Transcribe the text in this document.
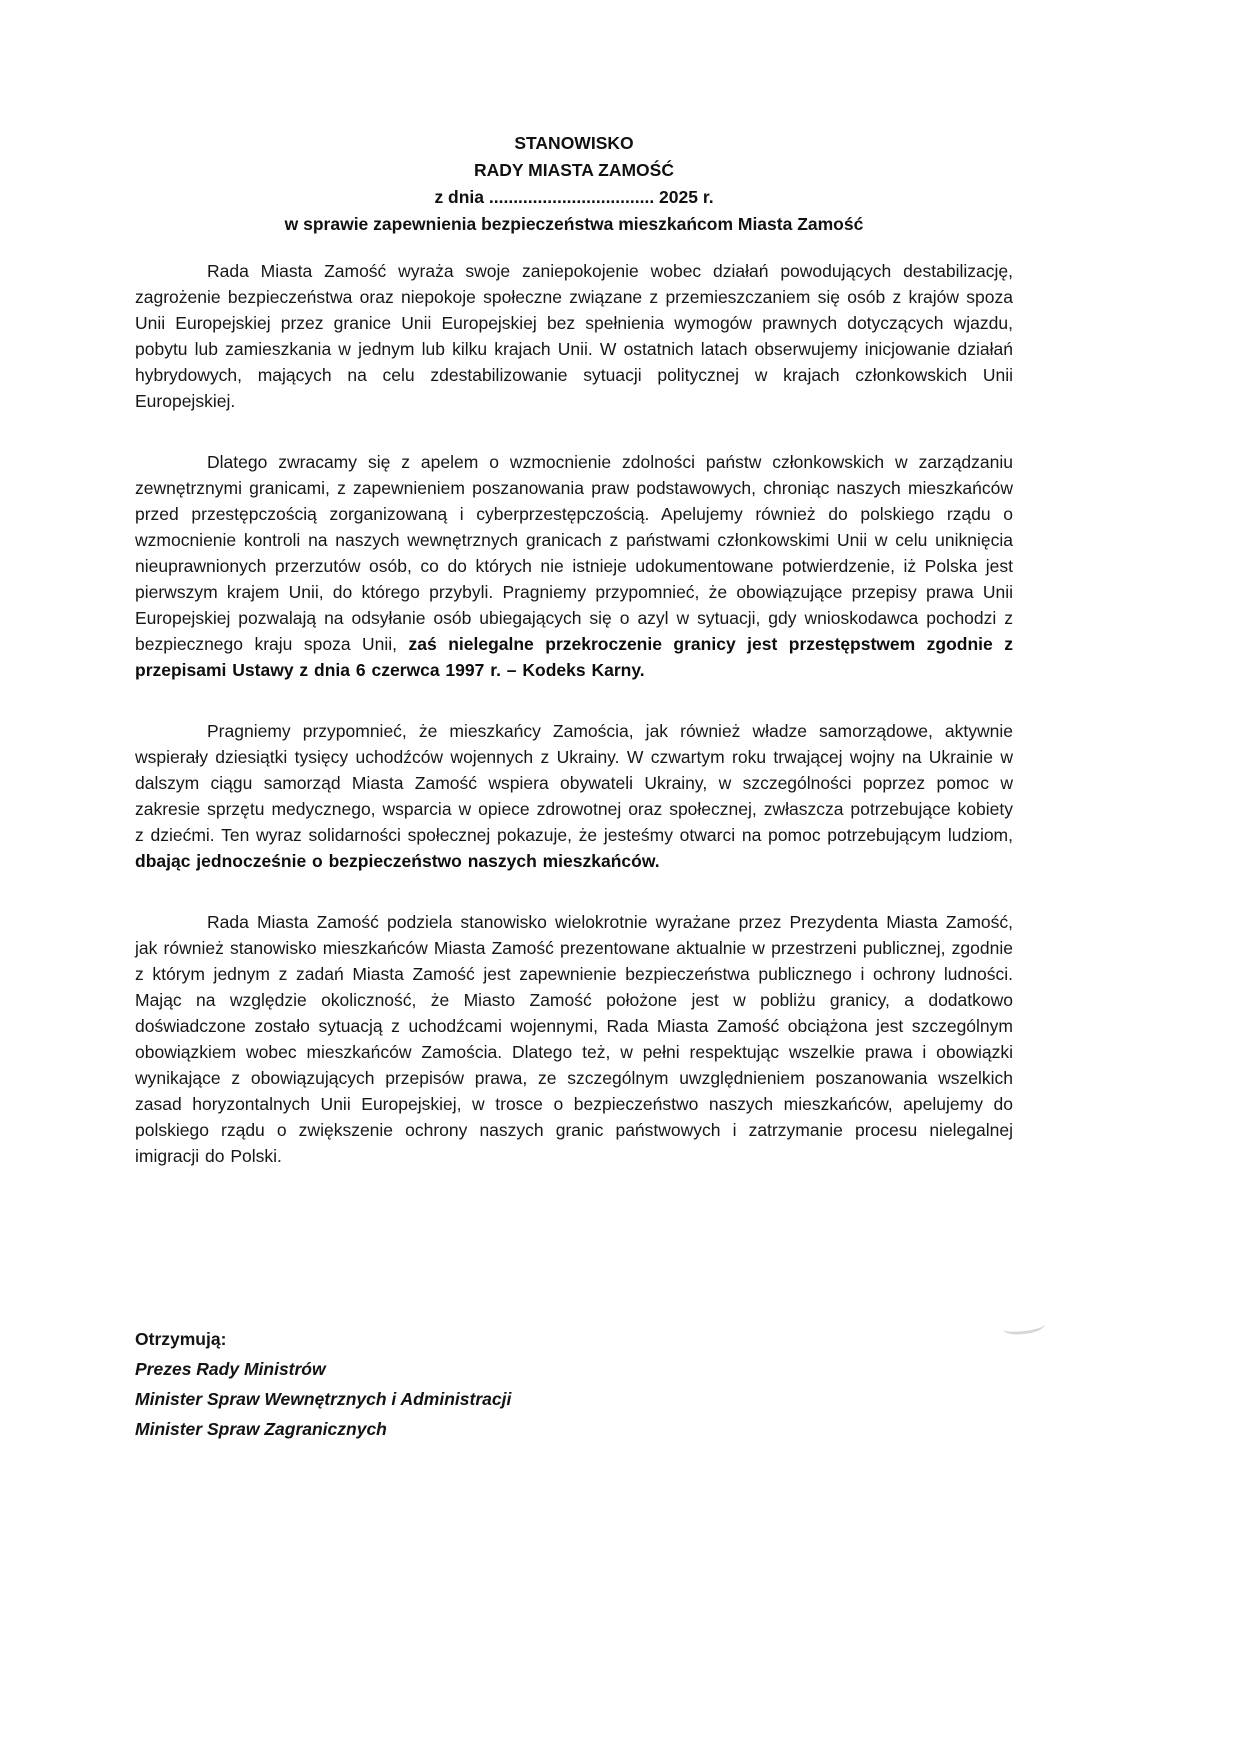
STANOWISKO
RADY MIASTA ZAMOŚĆ
z dnia .................................. 2025 r.
w sprawie zapewnienia bezpieczeństwa mieszkańcom Miasta Zamość

Rada Miasta Zamość wyraża swoje zaniepokojenie wobec działań powodujących destabilizację, zagrożenie bezpieczeństwa oraz niepokoje społeczne związane z przemieszczaniem się osób z krajów spoza Unii Europejskiej przez granice Unii Europejskiej bez spełnienia wymogów prawnych dotyczących wjazdu, pobytu lub zamieszkania w jednym lub kilku krajach Unii. W ostatnich latach obserwujemy inicjowanie działań hybrydowych, mających na celu zdestabilizowanie sytuacji politycznej w krajach członkowskich Unii Europejskiej.

Dlatego zwracamy się z apelem o wzmocnienie zdolności państw członkowskich w zarządzaniu zewnętrznymi granicami, z zapewnieniem poszanowania praw podstawowych, chroniąc naszych mieszkańców przed przestępczością zorganizowaną i cyberprzestępczością. Apelujemy również do polskiego rządu o wzmocnienie kontroli na naszych wewnętrznych granicach z państwami członkowskimi Unii w celu uniknięcia nieuprawnionych przerzutów osób, co do których nie istnieje udokumentowane potwierdzenie, iż Polska jest pierwszym krajem Unii, do którego przybyli. Pragniemy przypomnieć, że obowiązujące przepisy prawa Unii Europejskiej pozwalają na odsyłanie osób ubiegających się o azyl w sytuacji, gdy wnioskodawca pochodzi z bezpiecznego kraju spoza Unii, zaś nielegalne przekroczenie granicy jest przestępstwem zgodnie z przepisami Ustawy z dnia 6 czerwca 1997 r. – Kodeks Karny.

Pragniemy przypomnieć, że mieszkańcy Zamościa, jak również władze samorządowe, aktywnie wspierały dziesiątki tysięcy uchodźców wojennych z Ukrainy. W czwartym roku trwającej wojny na Ukrainie w dalszym ciągu samorząd Miasta Zamość wspiera obywateli Ukrainy, w szczególności poprzez pomoc w zakresie sprzętu medycznego, wsparcia w opiece zdrowotnej oraz społecznej, zwłaszcza potrzebujące kobiety z dziećmi. Ten wyraz solidarności społecznej pokazuje, że jesteśmy otwarci na pomoc potrzebującym ludziom, dbając jednocześnie o bezpieczeństwo naszych mieszkańców.

Rada Miasta Zamość podziela stanowisko wielokrotnie wyrażane przez Prezydenta Miasta Zamość, jak również stanowisko mieszkańców Miasta Zamość prezentowane aktualnie w przestrzeni publicznej, zgodnie z którym jednym z zadań Miasta Zamość jest zapewnienie bezpieczeństwa publicznego i ochrony ludności. Mając na względzie okoliczność, że Miasto Zamość położone jest w pobliżu granicy, a dodatkowo doświadczone zostało sytuacją z uchodźcami wojennymi, Rada Miasta Zamość obciążona jest szczególnym obowiązkiem wobec mieszkańców Zamościa. Dlatego też, w pełni respektując wszelkie prawa i obowiązki wynikające z obowiązujących przepisów prawa, ze szczególnym uwzględnieniem poszanowania wszelkich zasad horyzontalnych Unii Europejskiej, w trosce o bezpieczeństwo naszych mieszkańców, apelujemy do polskiego rządu o zwiększenie ochrony naszych granic państwowych i zatrzymanie procesu nielegalnej imigracji do Polski.

Otrzymują:
Prezes Rady Ministrów
Minister Spraw Wewnętrznych i Administracji
Minister Spraw Zagranicznych
